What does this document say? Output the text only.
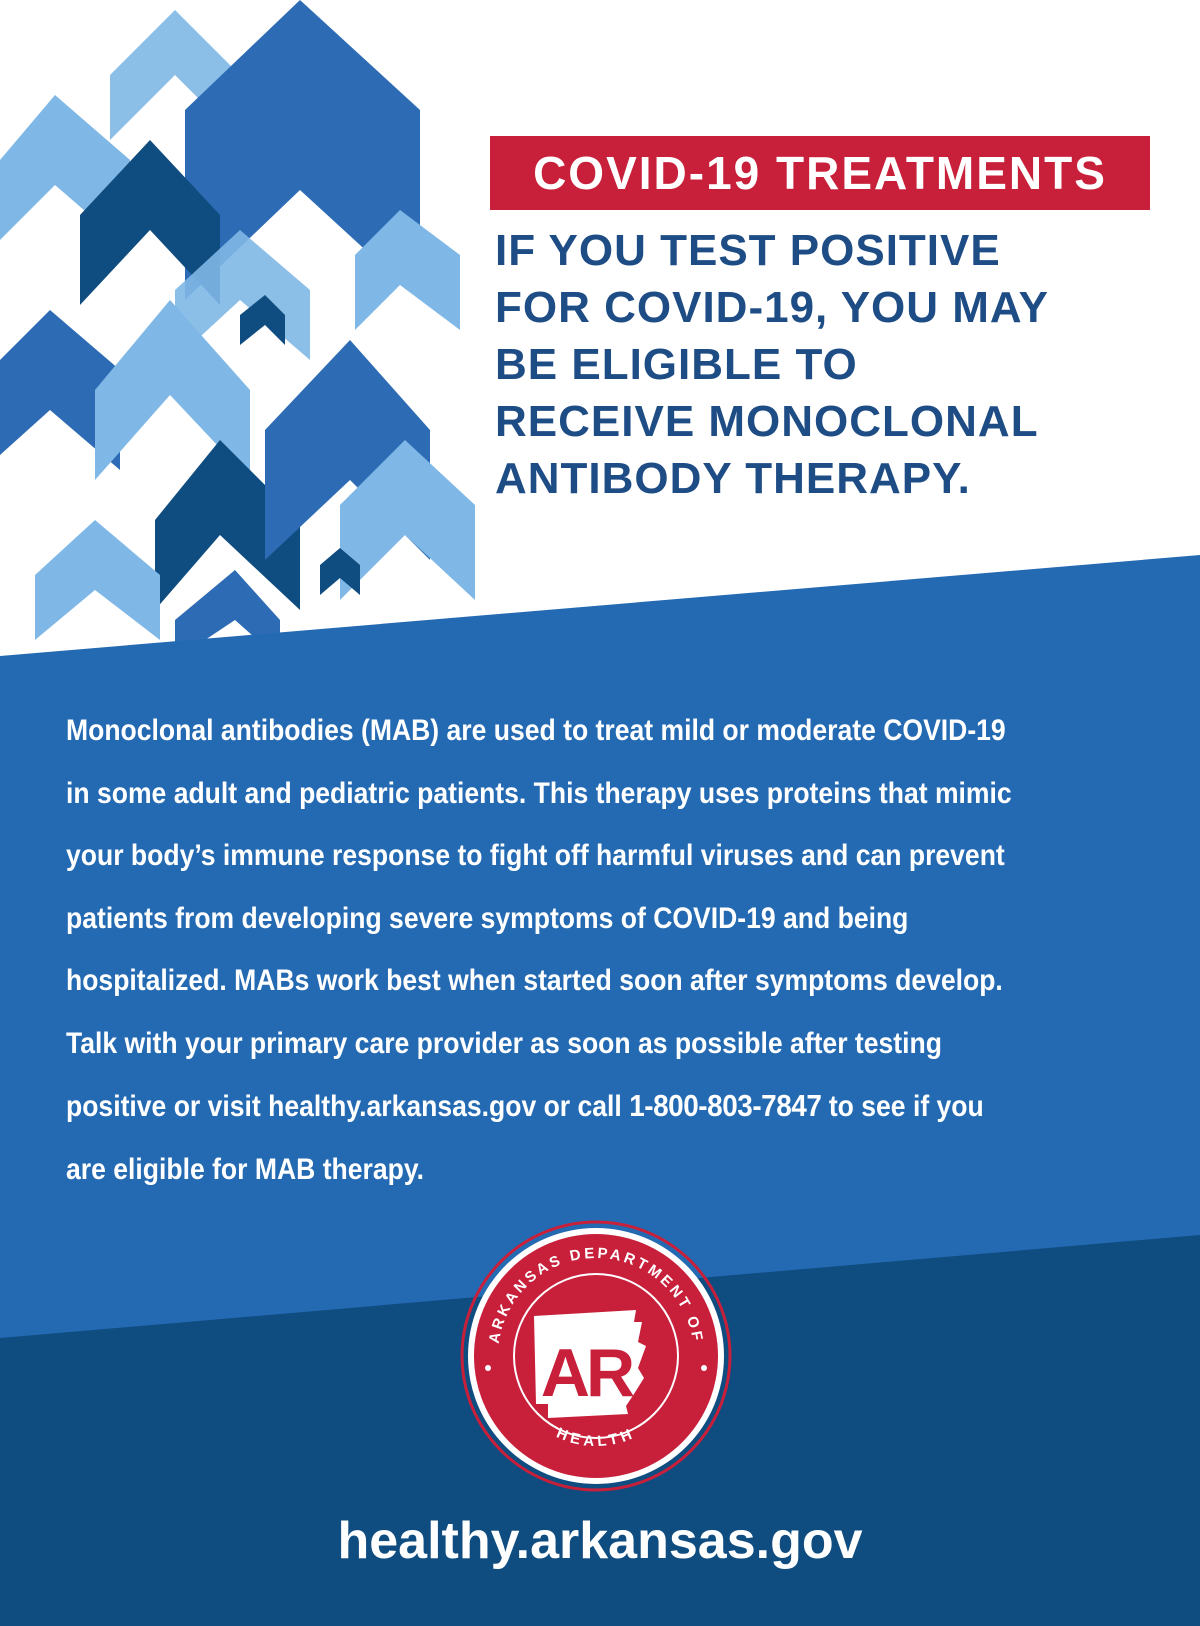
COVID-19 TREATMENTS
IF YOU TEST POSITIVE
FOR COVID-19, YOU MAY
BE ELIGIBLE TO
RECEIVE MONOCLONAL
ANTIBODY THERAPY.

Monoclonal antibodies (MAB) are used to treat mild or moderate COVID-19
in some adult and pediatric patients. This therapy uses proteins that mimic
your body’s immune response to fight off harmful viruses and can prevent
patients from developing severe symptoms of COVID-19 and being
hospitalized. MABs work best when started soon after symptoms develop.
Talk with your primary care provider as soon as possible after testing
positive or visit healthy.arkansas.gov or call 1-800-803-7847 to see if you
are eligible for MAB therapy.

ARKANSAS DEPARTMENT OF
HEALTH
AR
healthy.arkansas.gov
